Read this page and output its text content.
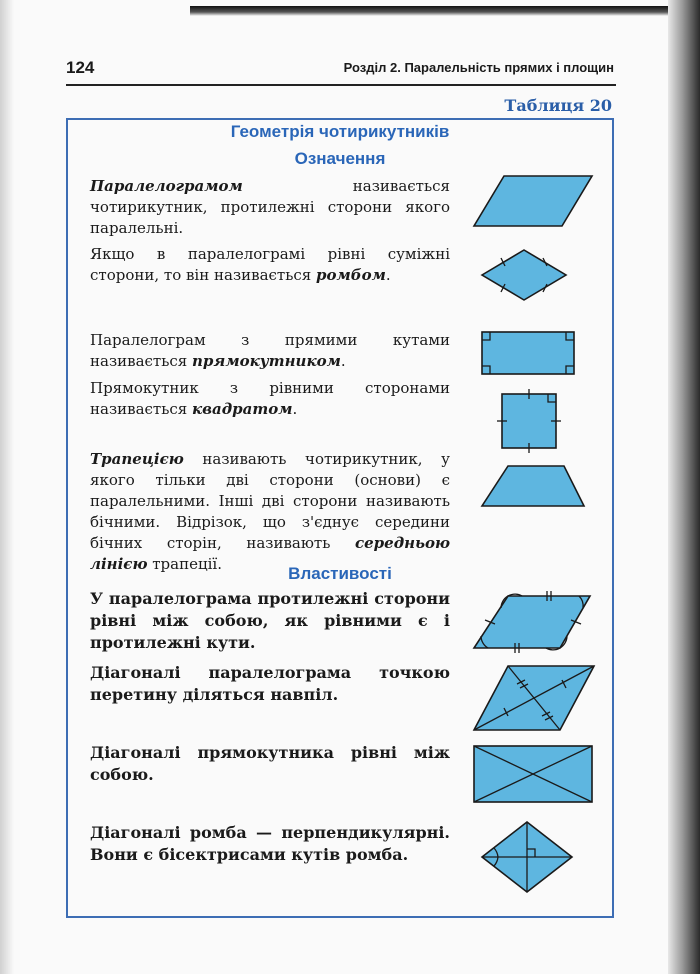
124	Розділ 2. Паралельність прямих і площин
Таблиця 20
Геометрія чотирикутників
Означення

Паралелограмом називається чотирикутник, протилежні сторони якого паралельні.

Якщо в паралелограмі рівні суміжні сторони, то він називається ромбом.

Паралелограм з прямими кутами називається прямокутником.

Прямокутник з рівними сторонами називається квадратом.

Трапецією називають чотирикутник, у якого тільки дві сторони (основи) є паралельними. Інші дві сторони називають бічними. Відрізок, що з'єднує середини бічних сторін, називають середньою лінією трапеції.	Властивості

У паралелограма протилежні сторони рівні між собою, як рівними є і протилежні кути.

Діагоналі паралелограма точкою перетину діляться навпіл.

Діагоналі прямокутника рівні між собою.

Діагоналі ромба — перпендикулярні. Вони є бісектрисами кутів ромба.
